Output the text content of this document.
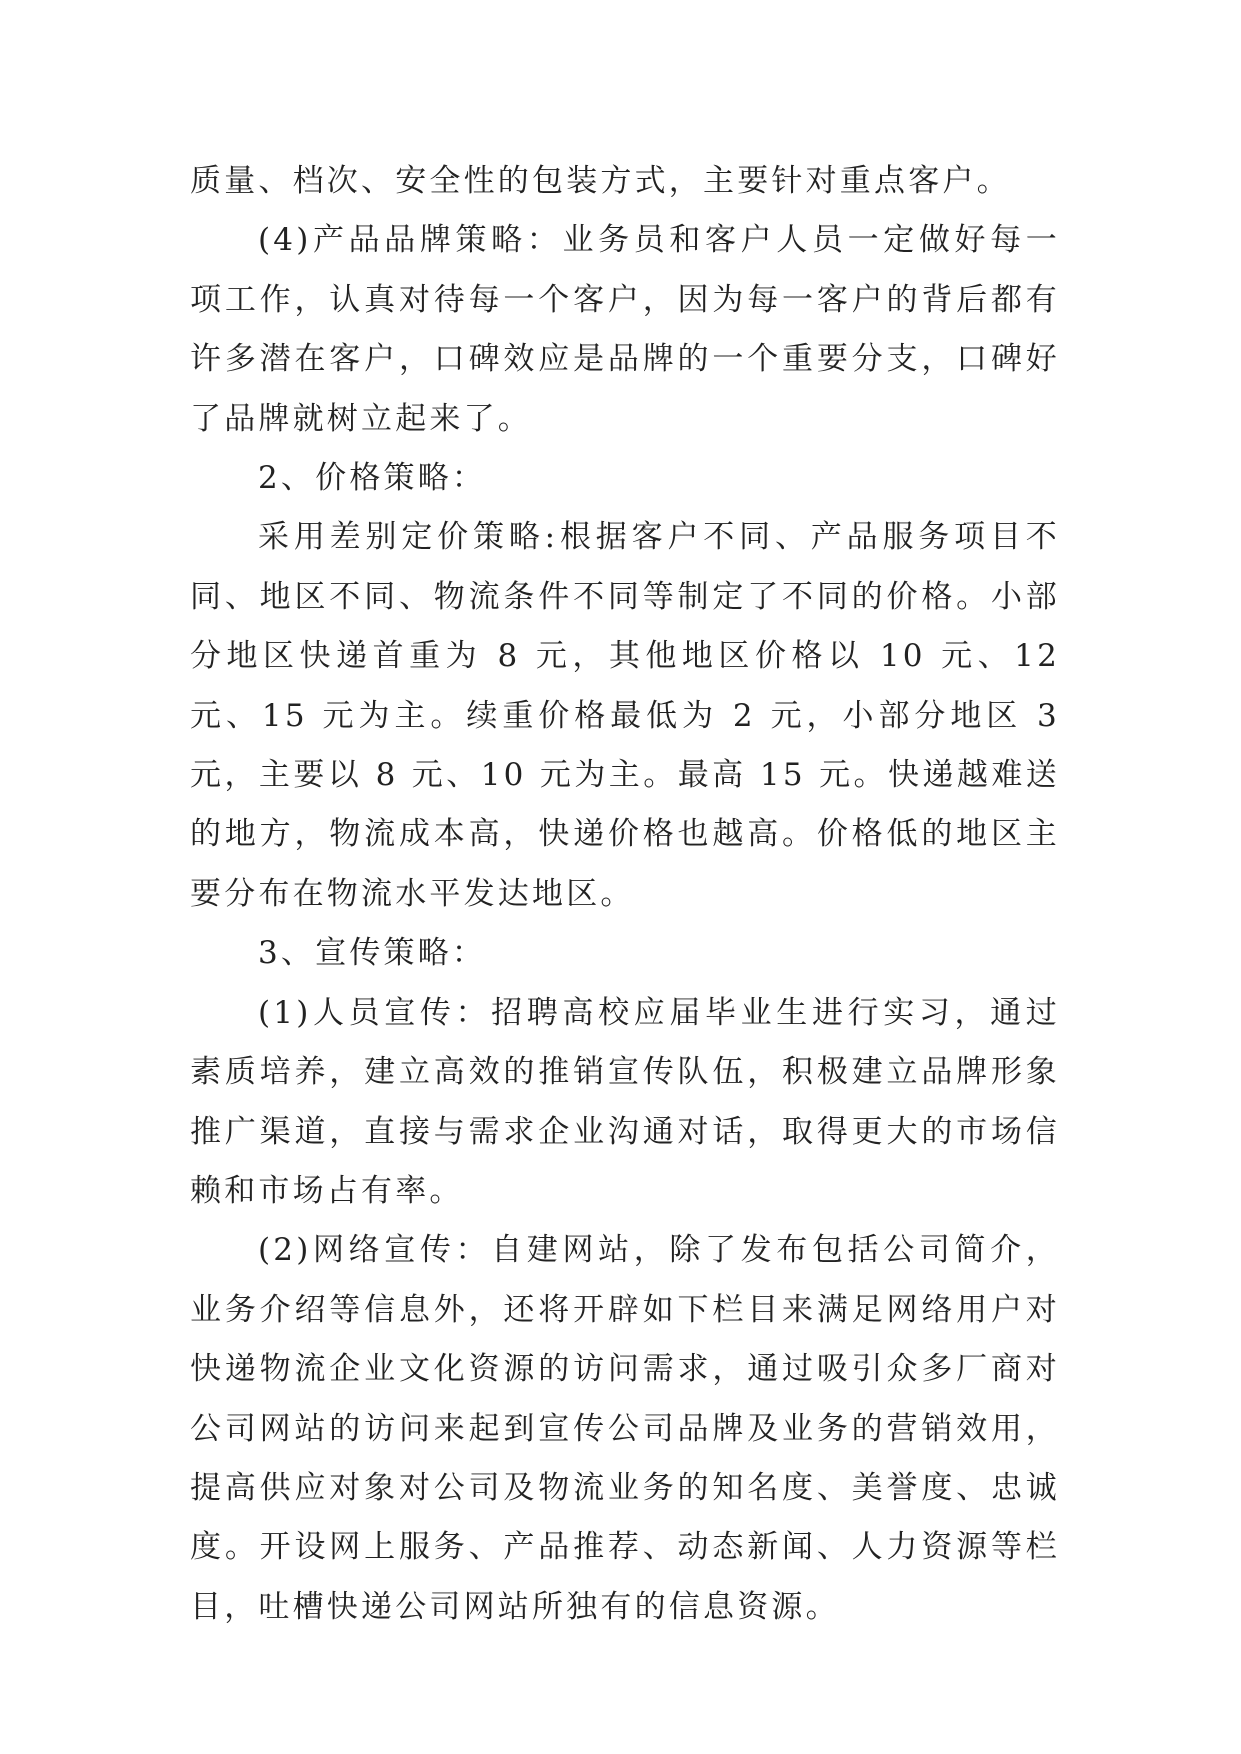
质量、档次、安全性的包装方式，主要针对重点客户。

(4)产品品牌策略：业务员和客户人员一定做好每一项工作，认真对待每一个客户，因为每一客户的背后都有许多潜在客户，口碑效应是品牌的一个重要分支，口碑好了品牌就树立起来了。

2、价格策略：

采用差别定价策略:根据客户不同、产品服务项目不同、地区不同、物流条件不同等制定了不同的价格。小部分地区快递首重为 8 元，其他地区价格以 10 元、12 元、15 元为主。续重价格最低为 2 元，小部分地区 3 元，主要以 8 元、10 元为主。最高 15 元。快递越难送的地方，物流成本高，快递价格也越高。价格低的地区主要分布在物流水平发达地区。

3、宣传策略：

(1)人员宣传：招聘高校应届毕业生进行实习，通过素质培养，建立高效的推销宣传队伍，积极建立品牌形象推广渠道，直接与需求企业沟通对话，取得更大的市场信赖和市场占有率。

(2)网络宣传：自建网站，除了发布包括公司简介，业务介绍等信息外，还将开辟如下栏目来满足网络用户对快递物流企业文化资源的访问需求，通过吸引众多厂商对公司网站的访问来起到宣传公司品牌及业务的营销效用，提高供应对象对公司及物流业务的知名度、美誉度、忠诚度。开设网上服务、产品推荐、动态新闻、人力资源等栏目，吐槽快递公司网站所独有的信息资源。
